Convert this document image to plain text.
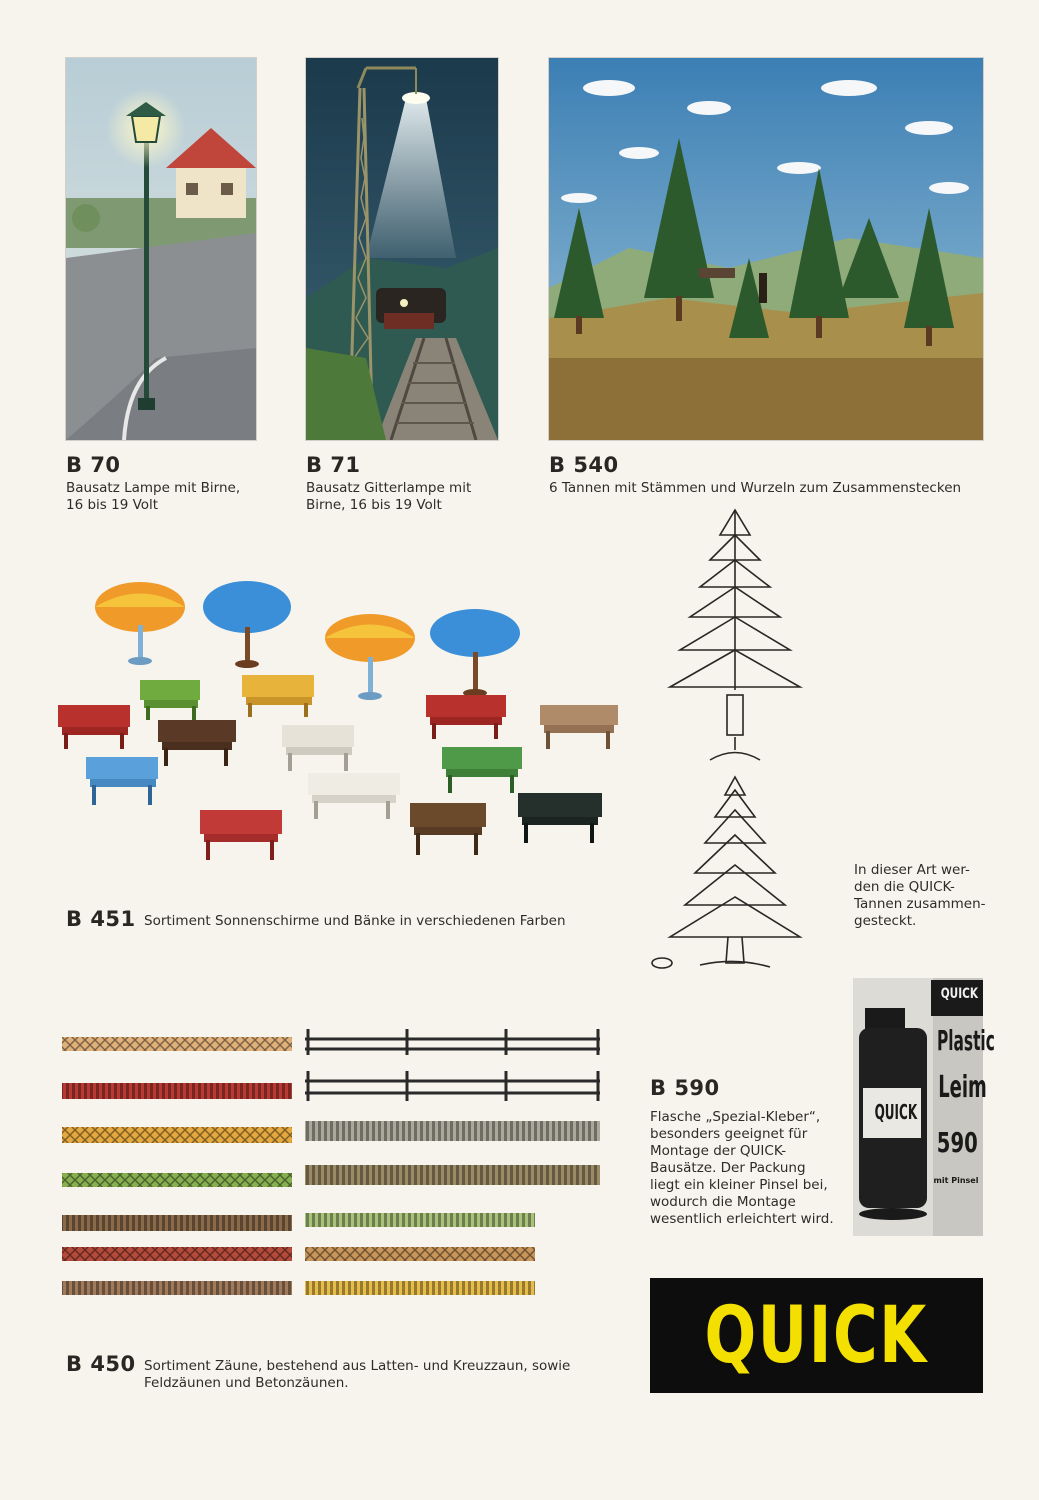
B 70
Bausatz Lampe mit Birne,
16 bis 19 Volt
B 71
Bausatz Gitterlampe mit
Birne, 16 bis 19 Volt
B 540
6 Tannen mit Stämmen und Wurzeln zum Zusammenstecken
B 451 Sortiment Sonnenschirme und Bänke in verschiedenen Farben
In dieser Art wer-
den die QUICK-
Tannen zusammen-
gesteckt.
B 450 Sortiment Zäune, bestehend aus Latten- und Kreuzzaun, sowie
Feldzäunen und Betonzäunen.
B 590
Flasche „Spezial-Kleber“,
besonders geeignet für
Montage der QUICK-
Bausätze. Der Packung
liegt ein kleiner Pinsel bei,
wodurch die Montage
wesentlich erleichtert wird.
QUICK
QUICK
Plastic
Leim
590
mit Pinsel
QUICK
